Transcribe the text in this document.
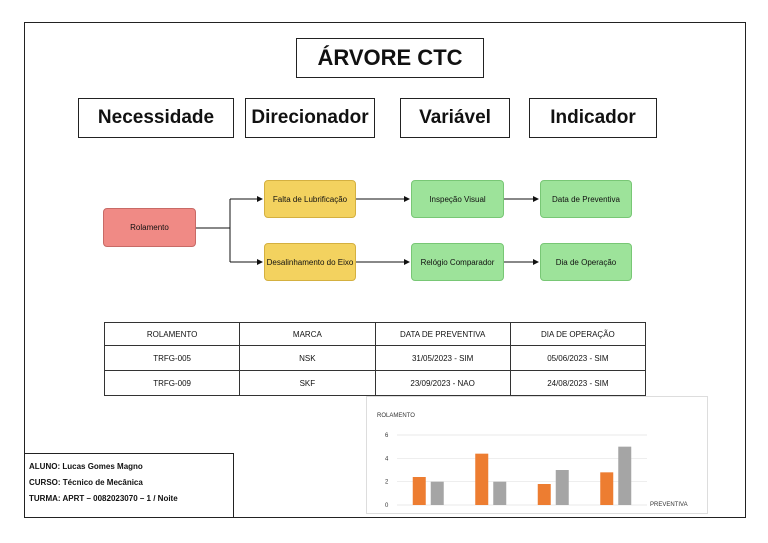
ÁRVORE CTC
Necessidade	Direcionador	Variável	Indicador
Rolamento
Falta de Lubrificação
Desalinhamento do Eixo
Inspeção Visual
Relógio Comparador
Data de Preventiva
Dia de Operação
ROLAMENTO	MARCA	DATA DE PREVENTIVA	DIA DE OPERAÇÃO
TRFG-005	NSK	31/05/2023 - SIM	05/06/2023 - SIM
TRFG-009	SKF	23/09/2023 - NAO	24/08/2023 - SIM
ALUNO: Lucas Gomes Magno
CURSO: Técnico de Mecânica
TURMA: APRT – 0082023070 – 1 / Noite
ROLAMENTO
0
2
4
6
PREVENTIVA
